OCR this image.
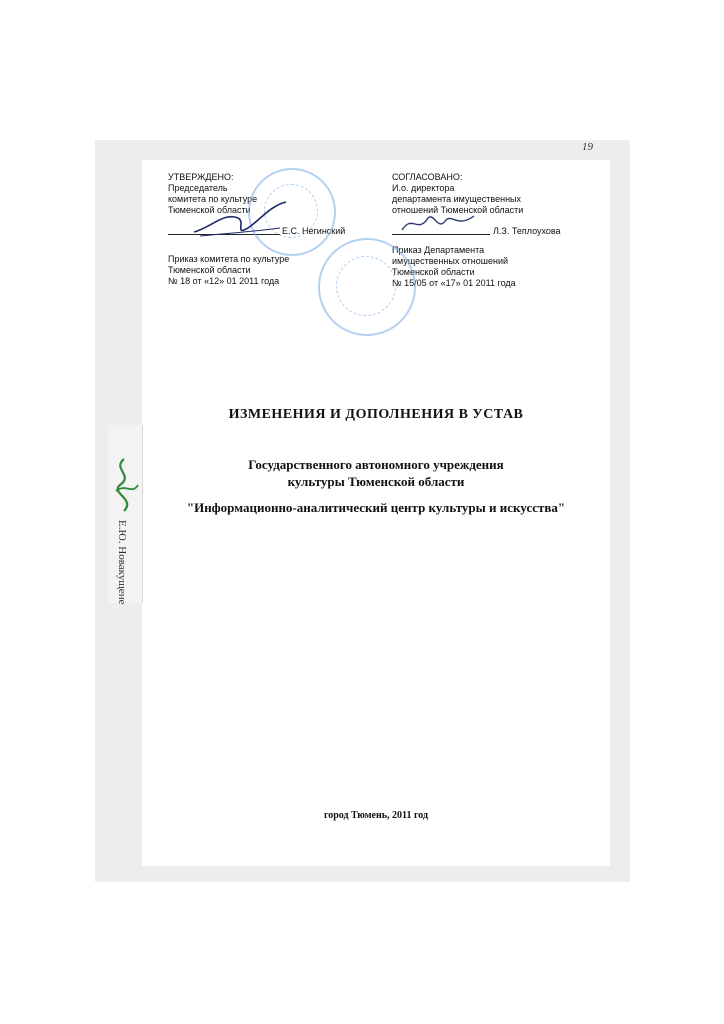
19
УТВЕРЖДЕНО:
Председатель
комитета по культуре
Тюменской области
Е.С. Негинский
Приказ комитета по культуре
Тюменской области
№ 18 от «12» 01 2011 года
СОГЛАСОВАНО:
И.о. директора
департамента имущественных
отношений Тюменской области
Л.З. Теплоухова
Приказ Департамента
имущественных отношений
Тюменской области
№ 15/05 от «17» 01 2011 года
ИЗМЕНЕНИЯ И ДОПОЛНЕНИЯ В УСТАВ
Государственного автономного учреждения
культуры Тюменской области
"Информационно-аналитический центр культуры и искусства"
город Тюмень, 2011 год
Е.Ю. Новакущене
